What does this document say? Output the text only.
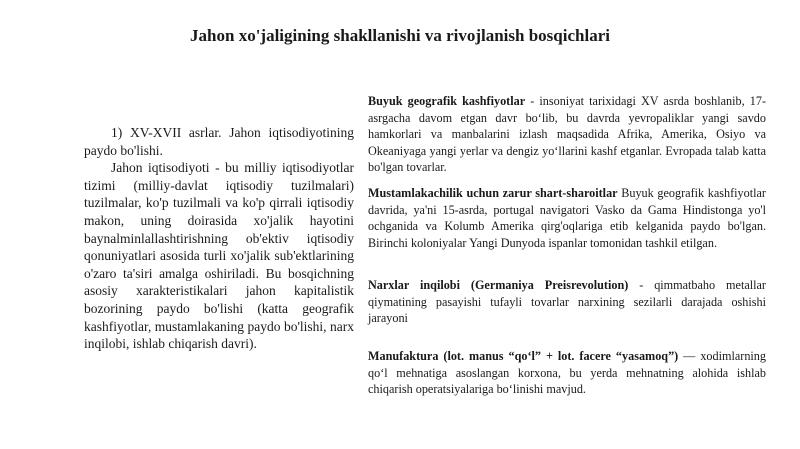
Jahon xo'jaligining shakllanishi va rivojlanish bosqichlari

1) XV-XVII asrlar. Jahon iqtisodiyotining paydo bo'lishi.

Jahon iqtisodiyoti - bu milliy iqtisodiyotlar tizimi (milliy-davlat iqtisodiy tuzilmalari) tuzilmalar, ko'p tuzilmali va ko'p qirrali iqtisodiy makon, uning doirasida xo'jalik hayotini baynalminlallashtirishning ob'ektiv iqtisodiy qonuniyatlari asosida turli xo'jalik sub'ektlarining o'zaro ta'siri amalga oshiriladi. Bu bosqichning asosiy xarakteristikalari jahon kapitalistik bozorining paydo bo'lishi (katta geografik kashfiyotlar, mustamlakaning paydo bo'lishi, narx inqilobi, ishlab chiqarish davri).

Buyuk geografik kashfiyotlar - insoniyat tarixidagi XV asrda boshlanib, 17-asrgacha davom etgan davr bo‘lib, bu davrda yevropaliklar yangi savdo hamkorlari va manbalarini izlash maqsadida Afrika, Amerika, Osiyo va Okeaniyaga yangi yerlar va dengiz yo‘llarini kashf etganlar. Evropada talab katta bo'lgan tovarlar.

Mustamlakachilik uchun zarur shart-sharoitlar Buyuk geografik kashfiyotlar davrida, ya'ni 15-asrda, portugal navigatori Vasko da Gama Hindistonga yo'l ochganida va Kolumb Amerika qirg'oqlariga etib kelganida paydo bo'lgan. Birinchi koloniyalar Yangi Dunyoda ispanlar tomonidan tashkil etilgan.

Narxlar inqilobi (Germaniya Preisrevolution) - qimmatbaho metallar qiymatining pasayishi tufayli tovarlar narxining sezilarli darajada oshishi jarayoni

Manufaktura (lot. manus “qo‘l” + lot. facere “yasamoq”) — xodimlarning qo‘l mehnatiga asoslangan korxona, bu yerda mehnatning alohida ishlab chiqarish operatsiyalariga bo‘linishi mavjud.
